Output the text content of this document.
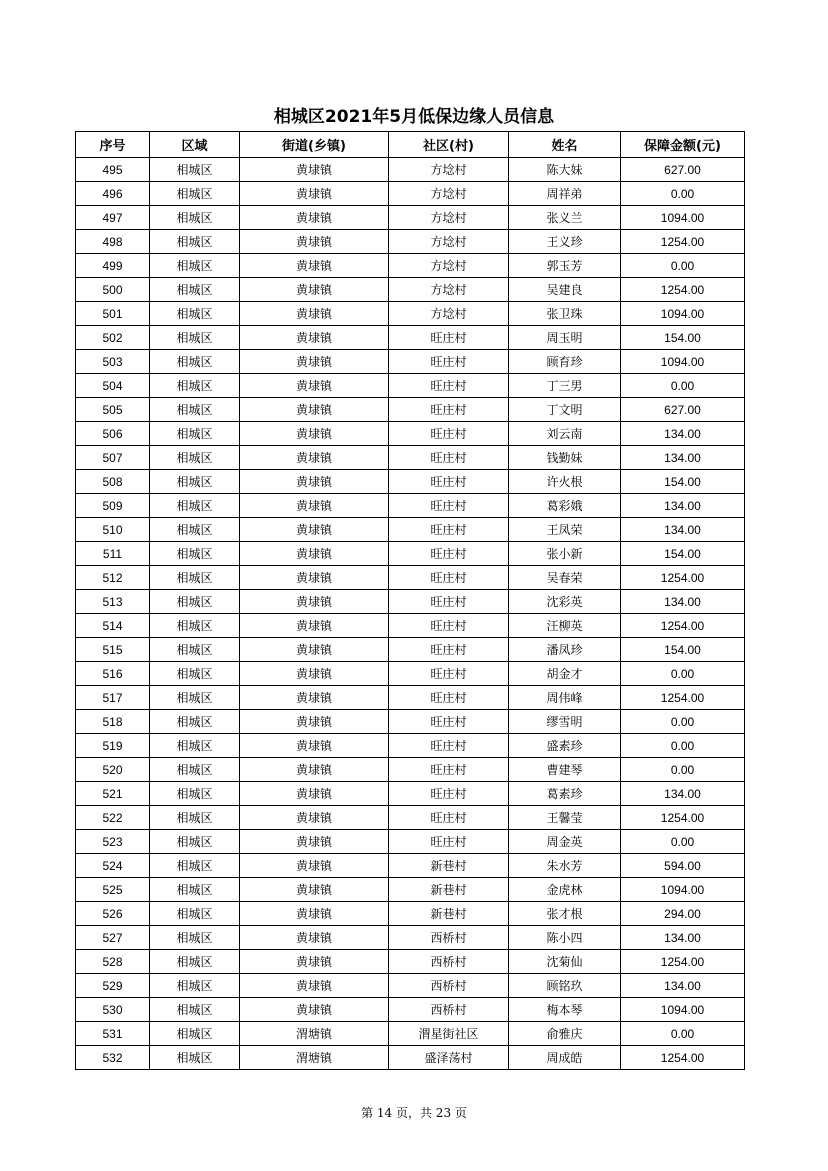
相城区2021年5月低保边缘人员信息
序号	区域	街道(乡镇)	社区(村)	姓名	保障金额(元)
495	相城区	黄埭镇	方埝村	陈大妹	627.00
496	相城区	黄埭镇	方埝村	周祥弟	0.00
497	相城区	黄埭镇	方埝村	张义兰	1094.00
498	相城区	黄埭镇	方埝村	王义珍	1254.00
499	相城区	黄埭镇	方埝村	郭玉芳	0.00
500	相城区	黄埭镇	方埝村	吴建良	1254.00
501	相城区	黄埭镇	方埝村	张卫珠	1094.00
502	相城区	黄埭镇	旺庄村	周玉明	154.00
503	相城区	黄埭镇	旺庄村	顾育珍	1094.00
504	相城区	黄埭镇	旺庄村	丁三男	0.00
505	相城区	黄埭镇	旺庄村	丁文明	627.00
506	相城区	黄埭镇	旺庄村	刘云南	134.00
507	相城区	黄埭镇	旺庄村	钱勤妹	134.00
508	相城区	黄埭镇	旺庄村	许火根	154.00
509	相城区	黄埭镇	旺庄村	葛彩娥	134.00
510	相城区	黄埭镇	旺庄村	王凤荣	134.00
511	相城区	黄埭镇	旺庄村	张小新	154.00
512	相城区	黄埭镇	旺庄村	吴春荣	1254.00
513	相城区	黄埭镇	旺庄村	沈彩英	134.00
514	相城区	黄埭镇	旺庄村	汪柳英	1254.00
515	相城区	黄埭镇	旺庄村	潘凤珍	154.00
516	相城区	黄埭镇	旺庄村	胡金才	0.00
517	相城区	黄埭镇	旺庄村	周伟峰	1254.00
518	相城区	黄埭镇	旺庄村	缪雪明	0.00
519	相城区	黄埭镇	旺庄村	盛素珍	0.00
520	相城区	黄埭镇	旺庄村	曹建琴	0.00
521	相城区	黄埭镇	旺庄村	葛素珍	134.00
522	相城区	黄埭镇	旺庄村	王馨莹	1254.00
523	相城区	黄埭镇	旺庄村	周金英	0.00
524	相城区	黄埭镇	新巷村	朱水芳	594.00
525	相城区	黄埭镇	新巷村	金虎林	1094.00
526	相城区	黄埭镇	新巷村	张才根	294.00
527	相城区	黄埭镇	西桥村	陈小四	134.00
528	相城区	黄埭镇	西桥村	沈菊仙	1254.00
529	相城区	黄埭镇	西桥村	顾铭玖	134.00
530	相城区	黄埭镇	西桥村	梅本琴	1094.00
531	相城区	渭塘镇	渭星街社区	俞雅庆	0.00
532	相城区	渭塘镇	盛泽荡村	周成皓	1254.00
第 14 页，共 23 页
